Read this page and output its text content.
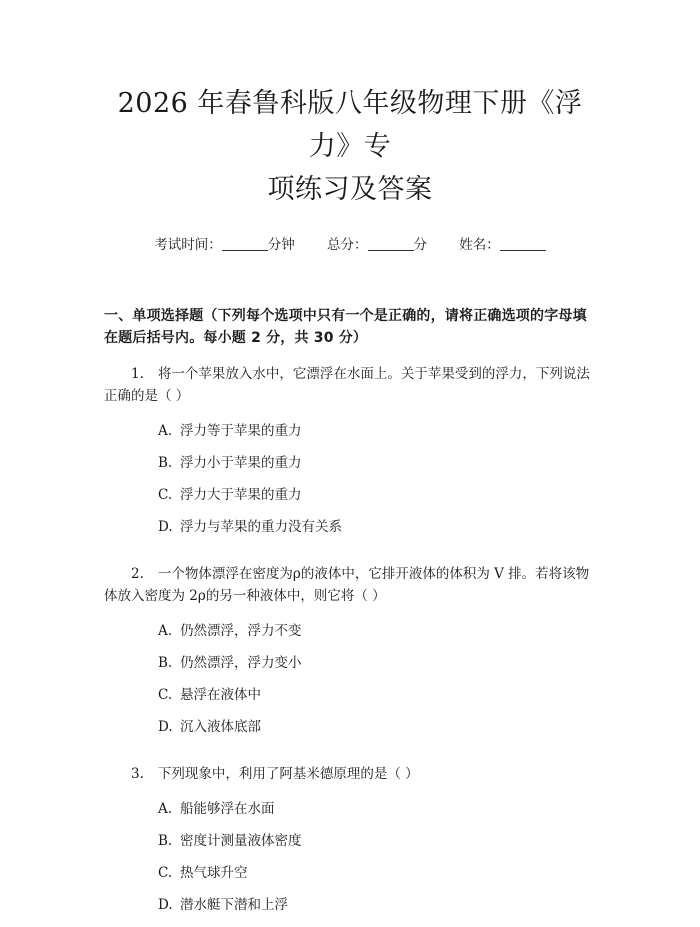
2026 年春鲁科版八年级物理下册《浮力》专
项练习及答案
考试时间：	分钟 总分：	分 姓名：
一、单项选择题（下列每个选项中只有一个是正确的，请将正确选项的字母填在题后括号内。每小题 2 分，共 30 分）
1. 将一个苹果放入水中，它漂浮在水面上。关于苹果受到的浮力，下列说法正确的是（ ）
A. 浮力等于苹果的重力
B. 浮力小于苹果的重力
C. 浮力大于苹果的重力
D. 浮力与苹果的重力没有关系
2. 一个物体漂浮在密度为ρ的液体中，它排开液体的体积为 V 排。若将该物体放入密度为 2ρ的另一种液体中，则它将（ ）
A. 仍然漂浮，浮力不变
B. 仍然漂浮，浮力变小
C. 悬浮在液体中
D. 沉入液体底部
3. 下列现象中，利用了阿基米德原理的是（ ）
A. 船能够浮在水面
B. 密度计测量液体密度
C. 热气球升空
D. 潜水艇下潜和上浮
